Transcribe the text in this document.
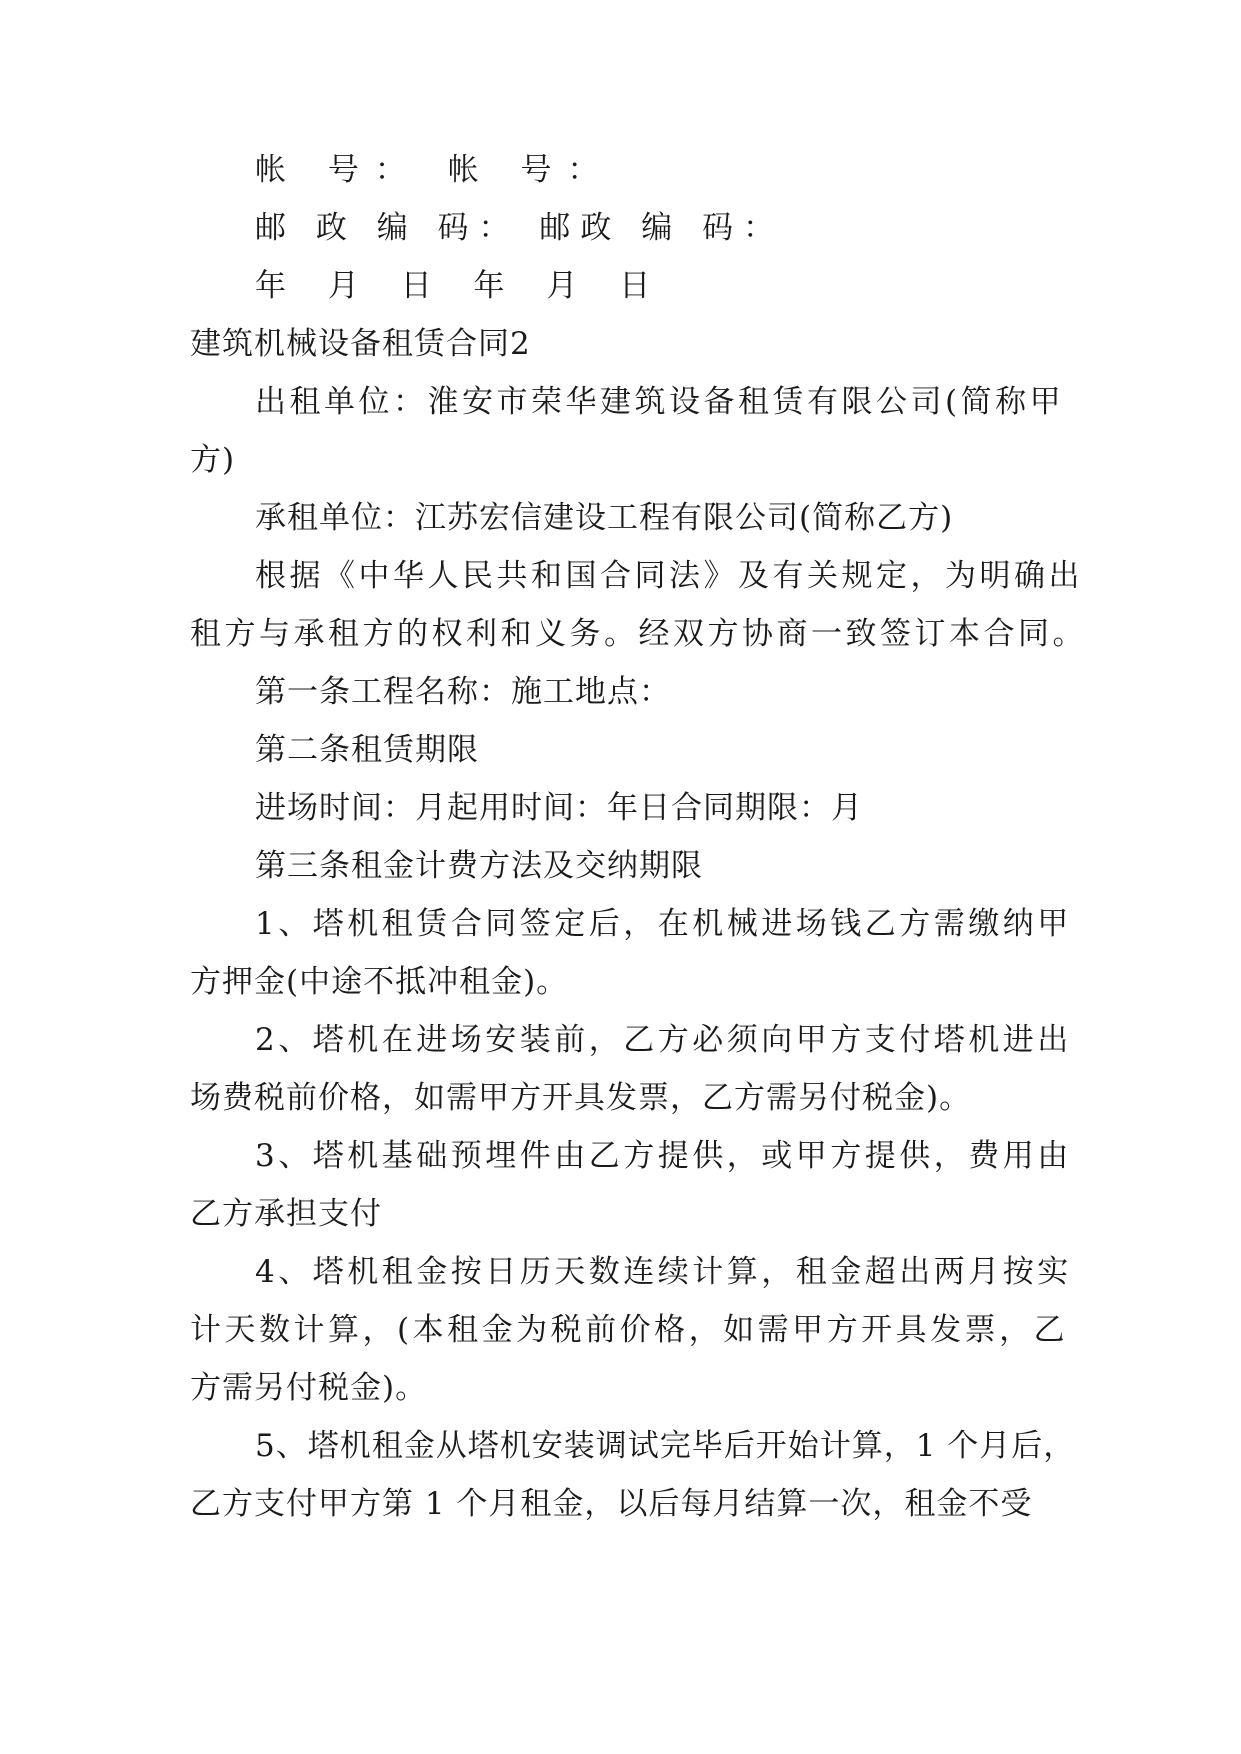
帐 号： 帐 号：
邮 政 编 码： 邮政 编 码：
年 月 日 年 月 日
建筑机械设备租赁合同2
出租单位：淮安市荣华建筑设备租赁有限公司(简称甲
方)
承租单位：江苏宏信建设工程有限公司(简称乙方)
根据《中华人民共和国合同法》及有关规定，为明确出
租方与承租方的权利和义务。经双方协商一致签订本合同。
第一条工程名称：施工地点：
第二条租赁期限
进场时间：月起用时间：年日合同期限：月
第三条租金计费方法及交纳期限
1、塔机租赁合同签定后，在机械进场钱乙方需缴纳甲
方押金(中途不抵冲租金)。
2、塔机在进场安装前，乙方必须向甲方支付塔机进出
场费税前价格，如需甲方开具发票，乙方需另付税金)。
3、塔机基础预埋件由乙方提供，或甲方提供，费用由
乙方承担支付
4、塔机租金按日历天数连续计算，租金超出两月按实
计天数计算，(本租金为税前价格，如需甲方开具发票，乙
方需另付税金)。
5、塔机租金从塔机安装调试完毕后开始计算，1 个月后，
乙方支付甲方第 1 个月租金，以后每月结算一次，租金不受
